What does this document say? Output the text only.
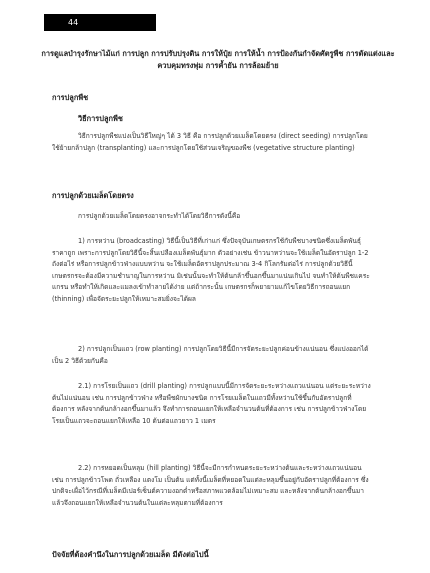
44
การดูแลบำรุงรักษาไม้แก่ การปลูก การปรับปรุงดิน การให้ปุ๋ย การให้น้ำ การป้องกันกำจัดศัตรูพืช การตัดแต่งและควบคุมทรงพุ่ม การค้ำยัน การล้อมย้าย
การปลูกพืช
วิธีการปลูกพืช
วิธีการปลูกพืชแบ่งเป็นวิธีใหญ่ๆ ได้ 3 วิธี คือ การปลูกด้วยเมล็ดโดยตรง (direct seeding) การปลูกโดยใช้ย้ายกล้าปลูก (transplanting) และการปลูกโดยใช้ส่วนเจริญของพืช (vegetative structure planting)
การปลูกด้วยเมล็ดโดยตรง
การปลูกด้วยเมล็ดโดยตรงอาจกระทำได้โดยวิธีการดังนี้คือ
1) การหว่าน (broadcasting) วิธีนี้เป็นวิธีที่เก่าแก่ ซึ่งปัจจุบันเกษตรกรใช้กับพืชบางชนิดซึ่งเมล็ดพันธุ์ราคาถูก เพราะการปลูกโดยวิธีนี้จะสิ้นเปลืองเมล็ดพันธุ์มาก ตัวอย่างเช่น ข้าวนาหว่านจะใช้เมล็ดในอัตราปลูก 1-2 ถังต่อไร่ หรือการปลูกข้าวฟ่างแบบหว่าน จะใช้เมล็ดอัตราปลูกประมาณ 3-4 กิโลกรัมต่อไร่ การปลูกด้วยวิธีนี้เกษตรกรจะต้องมีความชำนาญในการหว่าน มิเช่นนั้นจะทำให้ต้นกล้าขึ้นอกขึ้นมาแน่นเกินไป จนทำให้ต้นพืชแคระแกรน หรือทำให้เกิดและแมลงเข้าทำลายได้ง่าย แต่ถ้ากระนั้น เกษตรกรก็พยายามแก้ไขโดยวิธีการถอนแยก (thinning) เพื่อจัดระยะปลูกให้เหมาะสมยิ่งจะได้ผล
2) การปลูกเป็นแถว (row planting) การปลูกโดยวิธีนี้มีการจัดระยะปลูกค่อนข้างแน่นอน ซึ่งแบ่งออกได้เป็น 2 วิธีด้วยกันคือ
2.1) การโรยเป็นแถว (drill planting) การปลูกแบบนี้มีการจัดระยะระหว่างแถวแน่นอน แต่ระยะระหว่างต้นไม่แน่นอน เช่น การปลูกข้าวฟ่าง หรือพืชผักบางชนิด การโรยเมล็ดในแถวมีทั้งหว่านใช้ขึ้นกับอัตราปลูกที่ต้องการ หลังจากต้นกล้างอกขึ้นมาแล้ว จึงทำการถอนแยกให้เหลือจำนวนต้นที่ต้องการ เช่น การปลูกข้าวฟ่างโดยโรยเป็นแถวจะถอนแยกให้เหลือ 10 ต้นต่อแถวยาว 1 เมตร
2.2) การหยอดเป็นหลุม (hill planting) วิธีนี้จะมีการกำหนดระยะระหว่างต้นและระหว่างแถวแน่นอน เช่น การปลูกข้าวโพด ถั่วเหลือง แตงโม เป็นต้น แต่ทั้งนี้เมล็ดที่หยอดในแต่ละหลุมขึ้นอยู่กับอัตราปลูกที่ต้องการ ซึ่งปกติจะเผื่อไว้กรณีที่เมล็ดมีเปอร์เซ็นต์ความงอกต่ำหรือสภาพแวดล้อมไม่เหมาะสม และหลังจากต้นกล้างอกขึ้นมาแล้วจึงถอนแยกให้เหลือจำนวนต้นในแต่ละหลุมตามที่ต้องการ
ปัจจัยที่ต้องคำนึงในการปลูกด้วยเมล็ด มีดังต่อไปนี้
